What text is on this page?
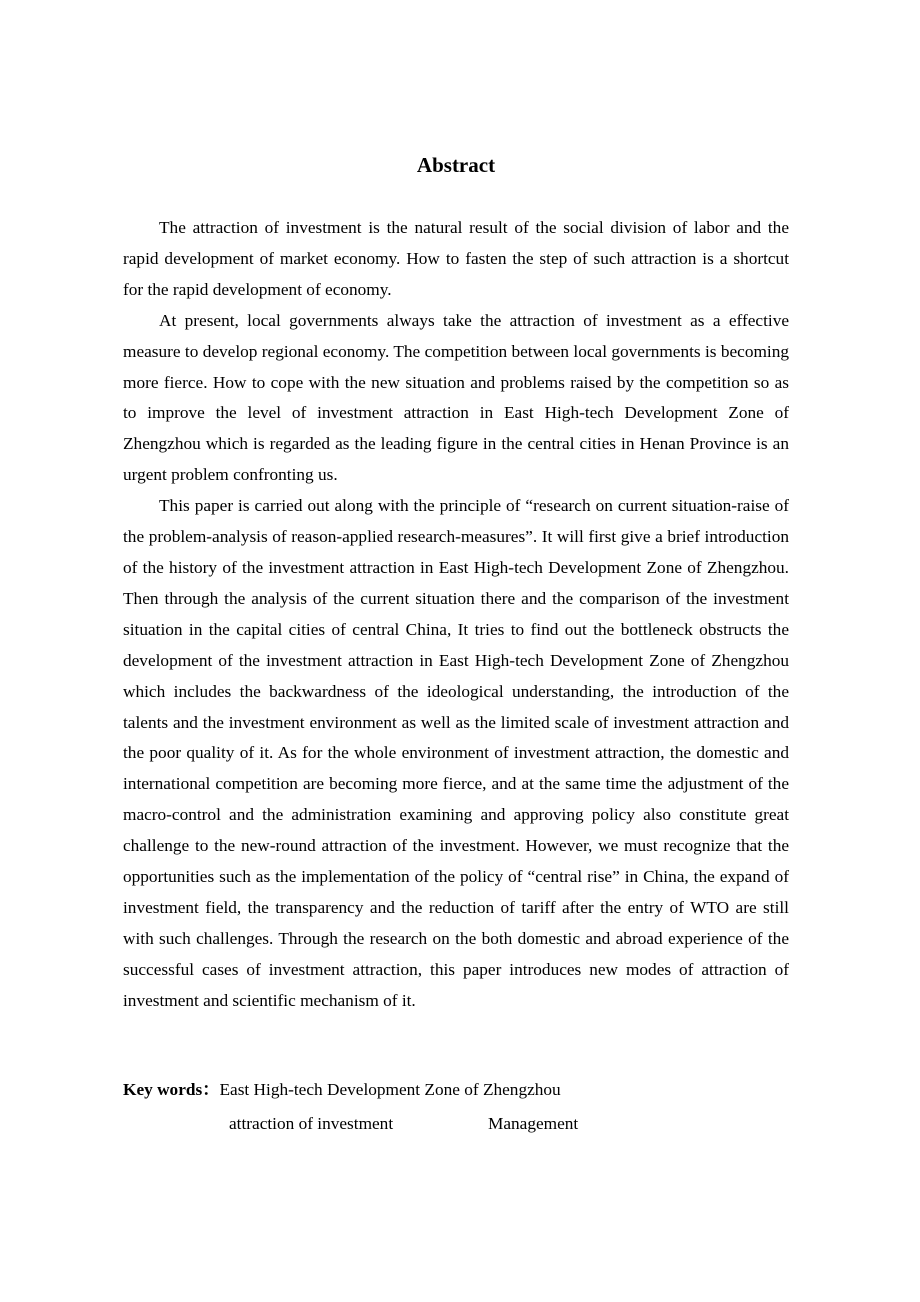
Abstract

The attraction of investment is the natural result of the social division of labor and the rapid development of market economy. How to fasten the step of such attraction is a shortcut for the rapid development of economy.

At present, local governments always take the attraction of investment as a effective measure to develop regional economy. The competition between local governments is becoming more fierce. How to cope with the new situation and problems raised by the competition so as to improve the level of investment attraction in East High-tech Development Zone of Zhengzhou which is regarded as the leading figure in the central cities in Henan Province is an urgent problem confronting us.

This paper is carried out along with the principle of “research on current situation-raise of the problem-analysis of reason-applied research-measures”. It will first give a brief introduction of the history of the investment attraction in East High-tech Development Zone of Zhengzhou. Then through the analysis of the current situation there and the comparison of the investment situation in the capital cities of central China, It tries to find out the bottleneck obstructs the development of the investment attraction in East High-tech Development Zone of Zhengzhou which includes the backwardness of the ideological understanding, the introduction of the talents and the investment environment as well as the limited scale of investment attraction and the poor quality of it. As for the whole environment of investment attraction, the domestic and international competition are becoming more fierce, and at the same time the adjustment of the macro-control and the administration examining and approving policy also constitute great challenge to the new-round attraction of the investment. However, we must recognize that the opportunities such as the implementation of the policy of “central rise” in China, the expand of investment field, the transparency and the reduction of tariff after the entry of WTO are still with such challenges. Through the research on the both domestic and abroad experience of the successful cases of investment attraction, this paper introduces new modes of attraction of investment and scientific mechanism of it.

Key words：East High-tech Development Zone of Zhengzhou
attraction of investment	Management
